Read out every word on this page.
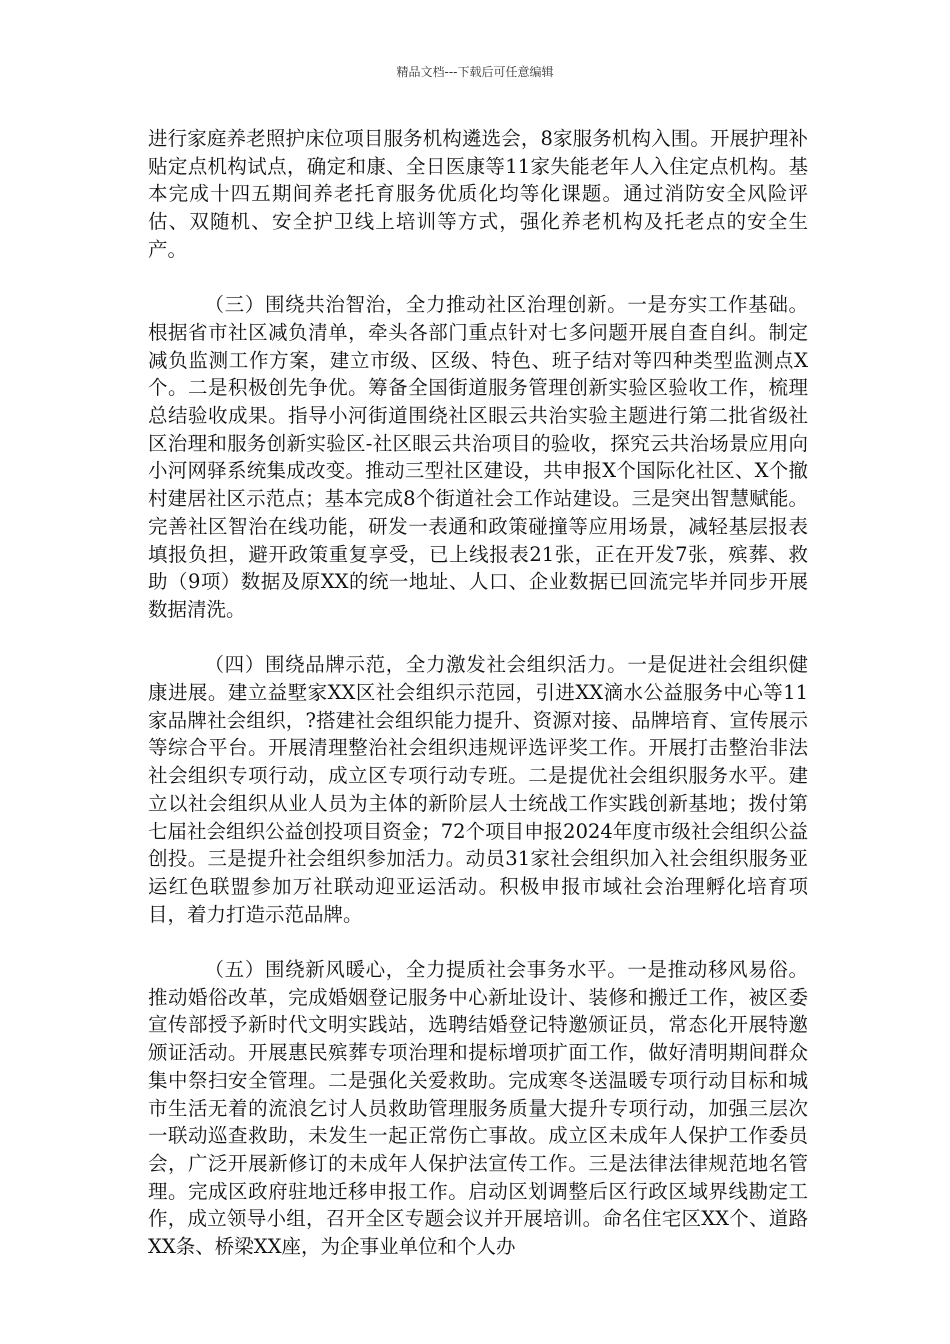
精品文档---下载后可任意编辑

进行家庭养老照护床位项目服务机构遴选会，8家服务机构入围。开展护理补贴定点机构试点，确定和康、全日医康等11家失能老年人入住定点机构。基本完成十四五期间养老托育服务优质化均等化课题。通过消防安全风险评估、双随机、安全护卫线上培训等方式，强化养老机构及托老点的安全生产。

（三）围绕共治智治，全力推动社区治理创新。一是夯实工作基础。根据省市社区减负清单，牵头各部门重点针对七多问题开展自查自纠。制定减负监测工作方案，建立市级、区级、特色、班子结对等四种类型监测点X个。二是积极创先争优。筹备全国街道服务管理创新实验区验收工作，梳理总结验收成果。指导小河街道围绕社区眼云共治实验主题进行第二批省级社区治理和服务创新实验区-社区眼云共治项目的验收，探究云共治场景应用向小河网驿系统集成改变。推动三型社区建设，共申报X个国际化社区、X个撤村建居社区示范点；基本完成8个街道社会工作站建设。三是突出智慧赋能。完善社区智治在线功能，研发一表通和政策碰撞等应用场景，减轻基层报表填报负担，避开政策重复享受，已上线报表21张，正在开发7张，殡葬、救助（9项）数据及原XX的统一地址、人口、企业数据已回流完毕并同步开展数据清洗。

（四）围绕品牌示范，全力激发社会组织活力。一是促进社会组织健康进展。建立益墅家XX区社会组织示范园，引进XX滴水公益服务中心等11家品牌社会组织，?搭建社会组织能力提升、资源对接、品牌培育、宣传展示等综合平台。开展清理整治社会组织违规评选评奖工作。开展打击整治非法社会组织专项行动，成立区专项行动专班。二是提优社会组织服务水平。建立以社会组织从业人员为主体的新阶层人士统战工作实践创新基地；拨付第七届社会组织公益创投项目资金；72个项目申报2024年度市级社会组织公益创投。三是提升社会组织参加活力。动员31家社会组织加入社会组织服务亚运红色联盟参加万社联动迎亚运活动。积极申报市域社会治理孵化培育项目，着力打造示范品牌。

（五）围绕新风暖心，全力提质社会事务水平。一是推动移风易俗。推动婚俗改革，完成婚姻登记服务中心新址设计、装修和搬迁工作，被区委宣传部授予新时代文明实践站，选聘结婚登记特邀颁证员，常态化开展特邀颁证活动。开展惠民殡葬专项治理和提标增项扩面工作，做好清明期间群众集中祭扫安全管理。二是强化关爱救助。完成寒冬送温暖专项行动目标和城市生活无着的流浪乞讨人员救助管理服务质量大提升专项行动，加强三层次一联动巡查救助，未发生一起正常伤亡事故。成立区未成年人保护工作委员会，广泛开展新修订的未成年人保护法宣传工作。三是法律法律规范地名管理。完成区政府驻地迁移申报工作。启动区划调整后区行政区域界线勘定工作，成立领导小组，召开全区专题会议并开展培训。命名住宅区XX个、道路XX条、桥梁XX座，为企事业单位和个人办
